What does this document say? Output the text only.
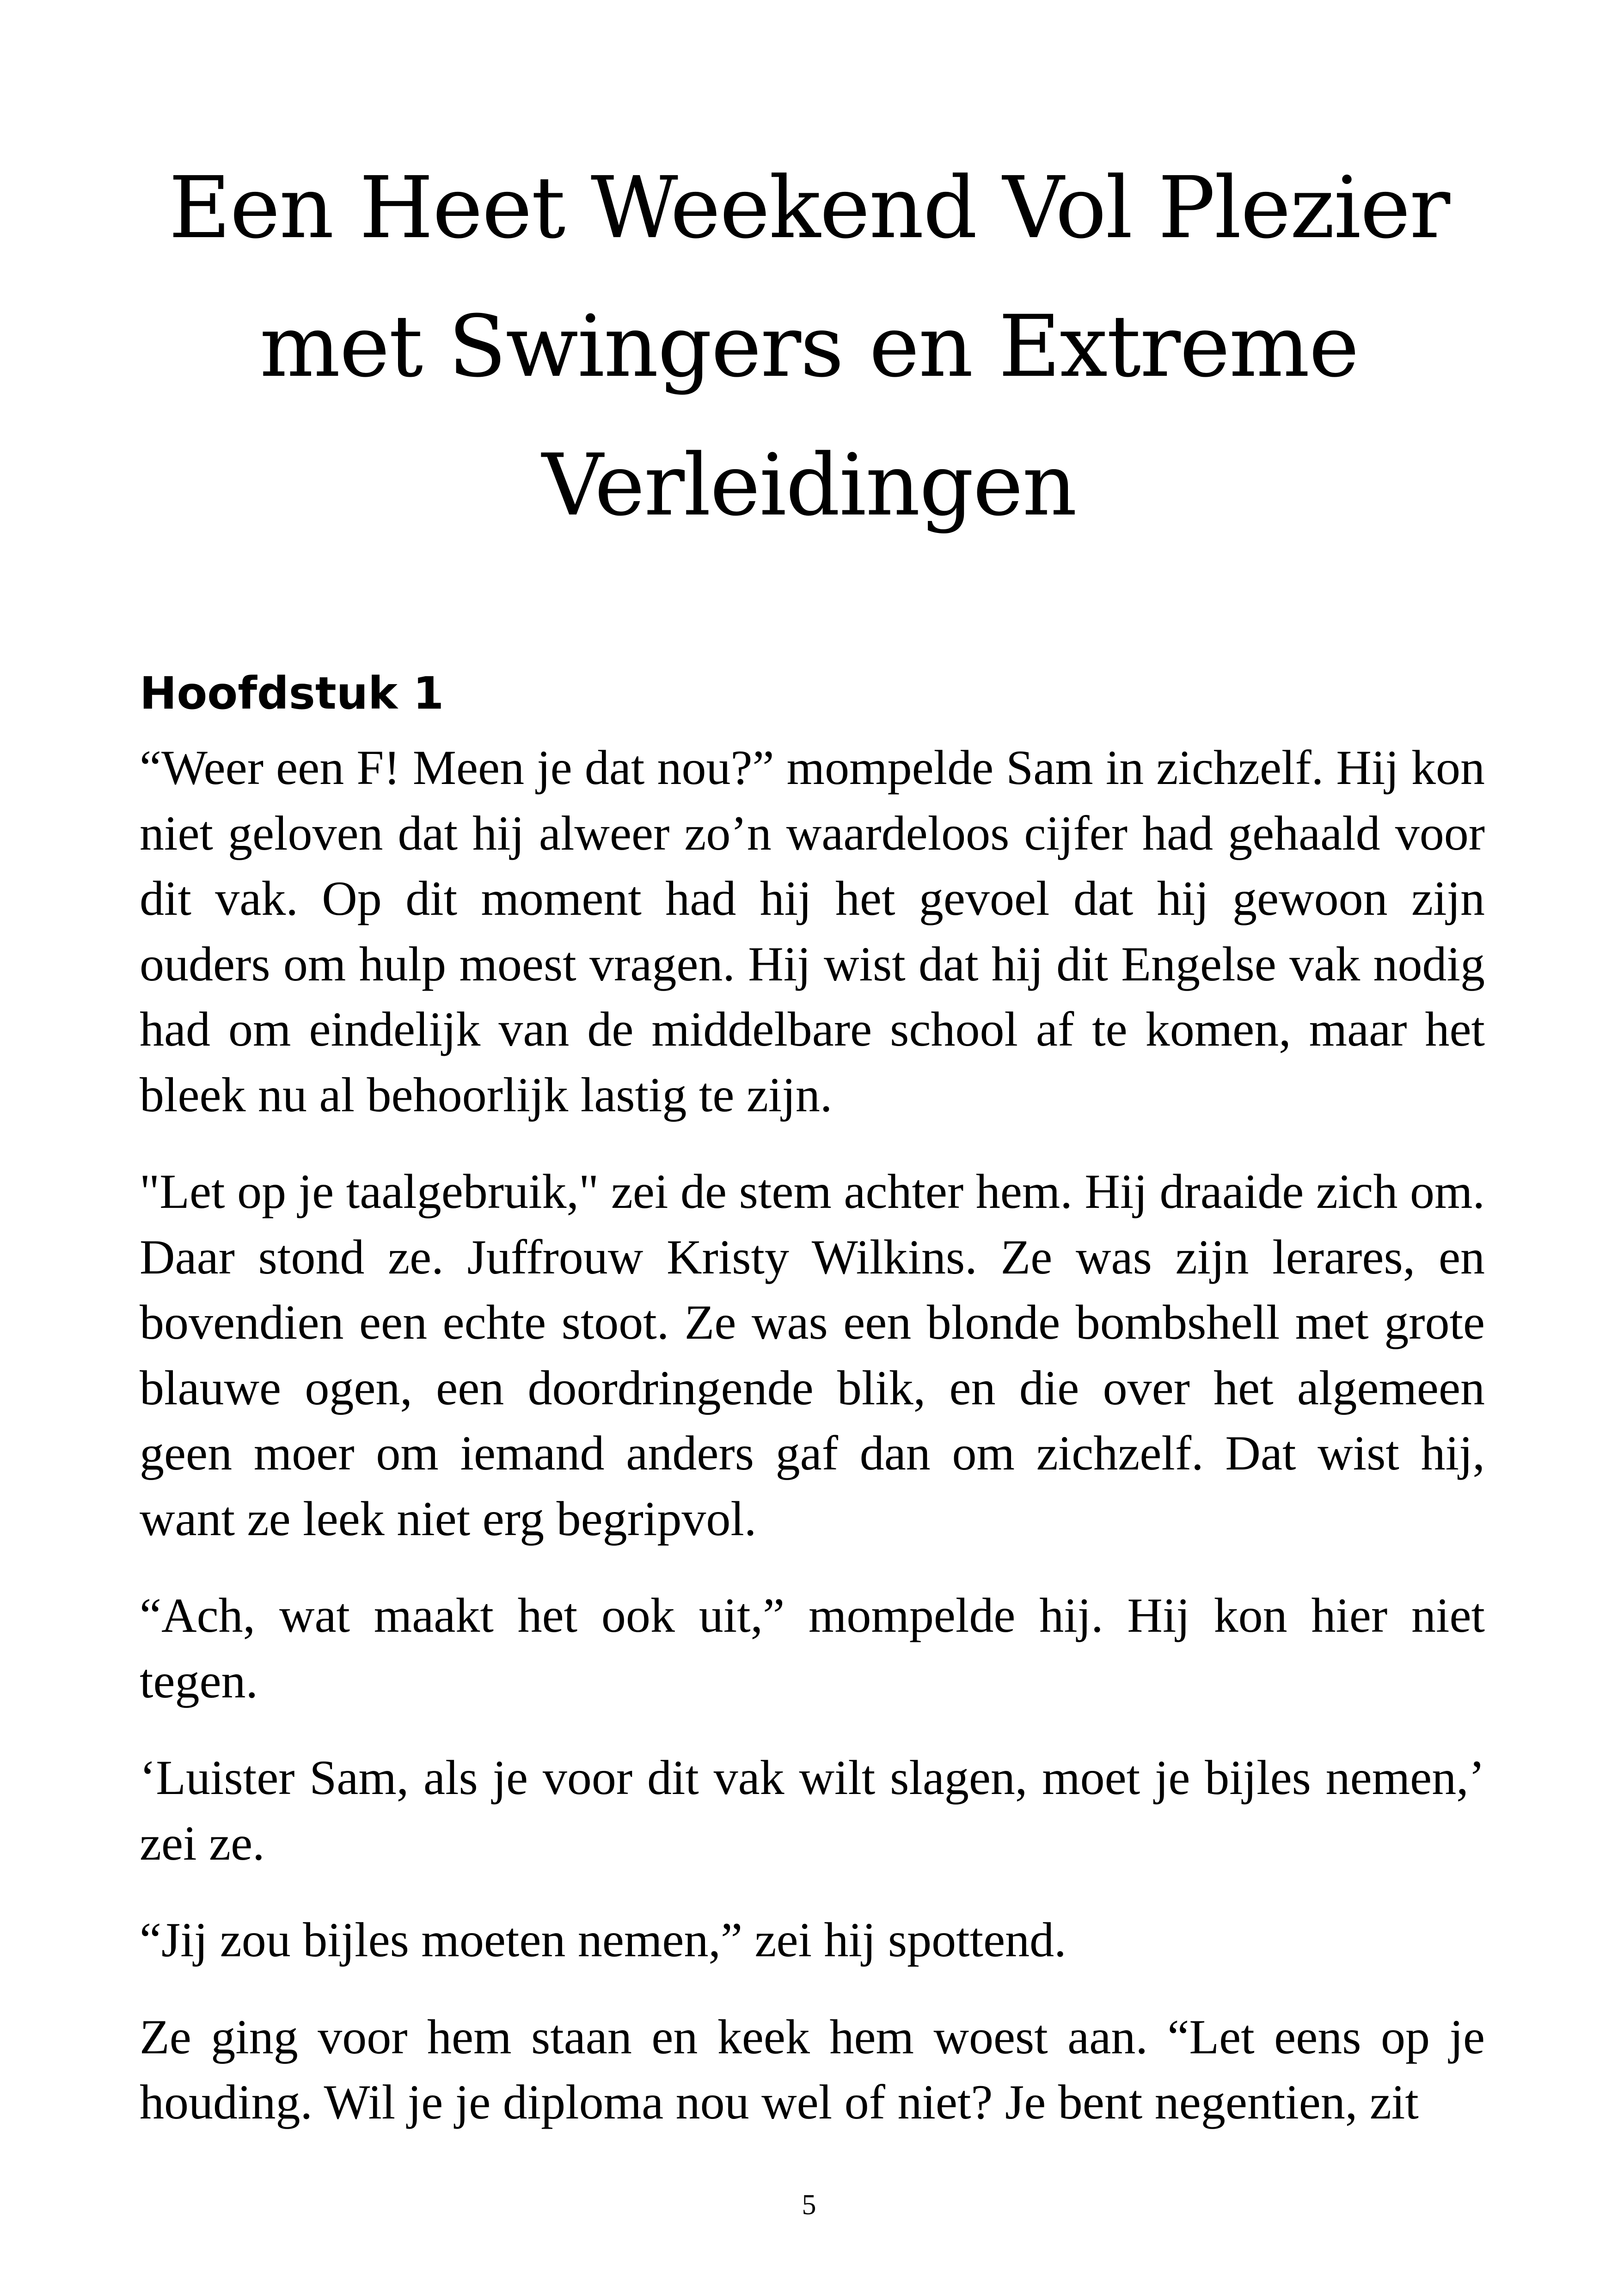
Een Heet Weekend Vol Plezier
met Swingers en Extreme
Verleidingen
Hoofdstuk 1

“Weer een F! Meen je dat nou?” mompelde Sam in zichzelf. Hij kon niet geloven dat hij alweer zo’n waardeloos cijfer had gehaald voor dit vak. Op dit moment had hij het gevoel dat hij gewoon zijn ouders om hulp moest vragen. Hij wist dat hij dit Engelse vak nodig had om eindelijk van de middelbare school af te komen, maar het bleek nu al behoorlijk lastig te zijn.

"Let op je taalgebruik," zei de stem achter hem. Hij draaide zich om. Daar stond ze. Juffrouw Kristy Wilkins. Ze was zijn lerares, en bovendien een echte stoot. Ze was een blonde bombshell met grote blauwe ogen, een doordringende blik, en die over het algemeen geen moer om iemand anders gaf dan om zichzelf. Dat wist hij, want ze leek niet erg begripvol.

“Ach, wat maakt het ook uit,” mompelde hij. Hij kon hier niet tegen.

‘Luister Sam, als je voor dit vak wilt slagen, moet je bijles nemen,’ zei ze.

“Jij zou bijles moeten nemen,” zei hij spottend.

Ze ging voor hem staan en keek hem woest aan. “Let eens op je houding. Wil je je diploma nou wel of niet? Je bent negentien, zit

5
